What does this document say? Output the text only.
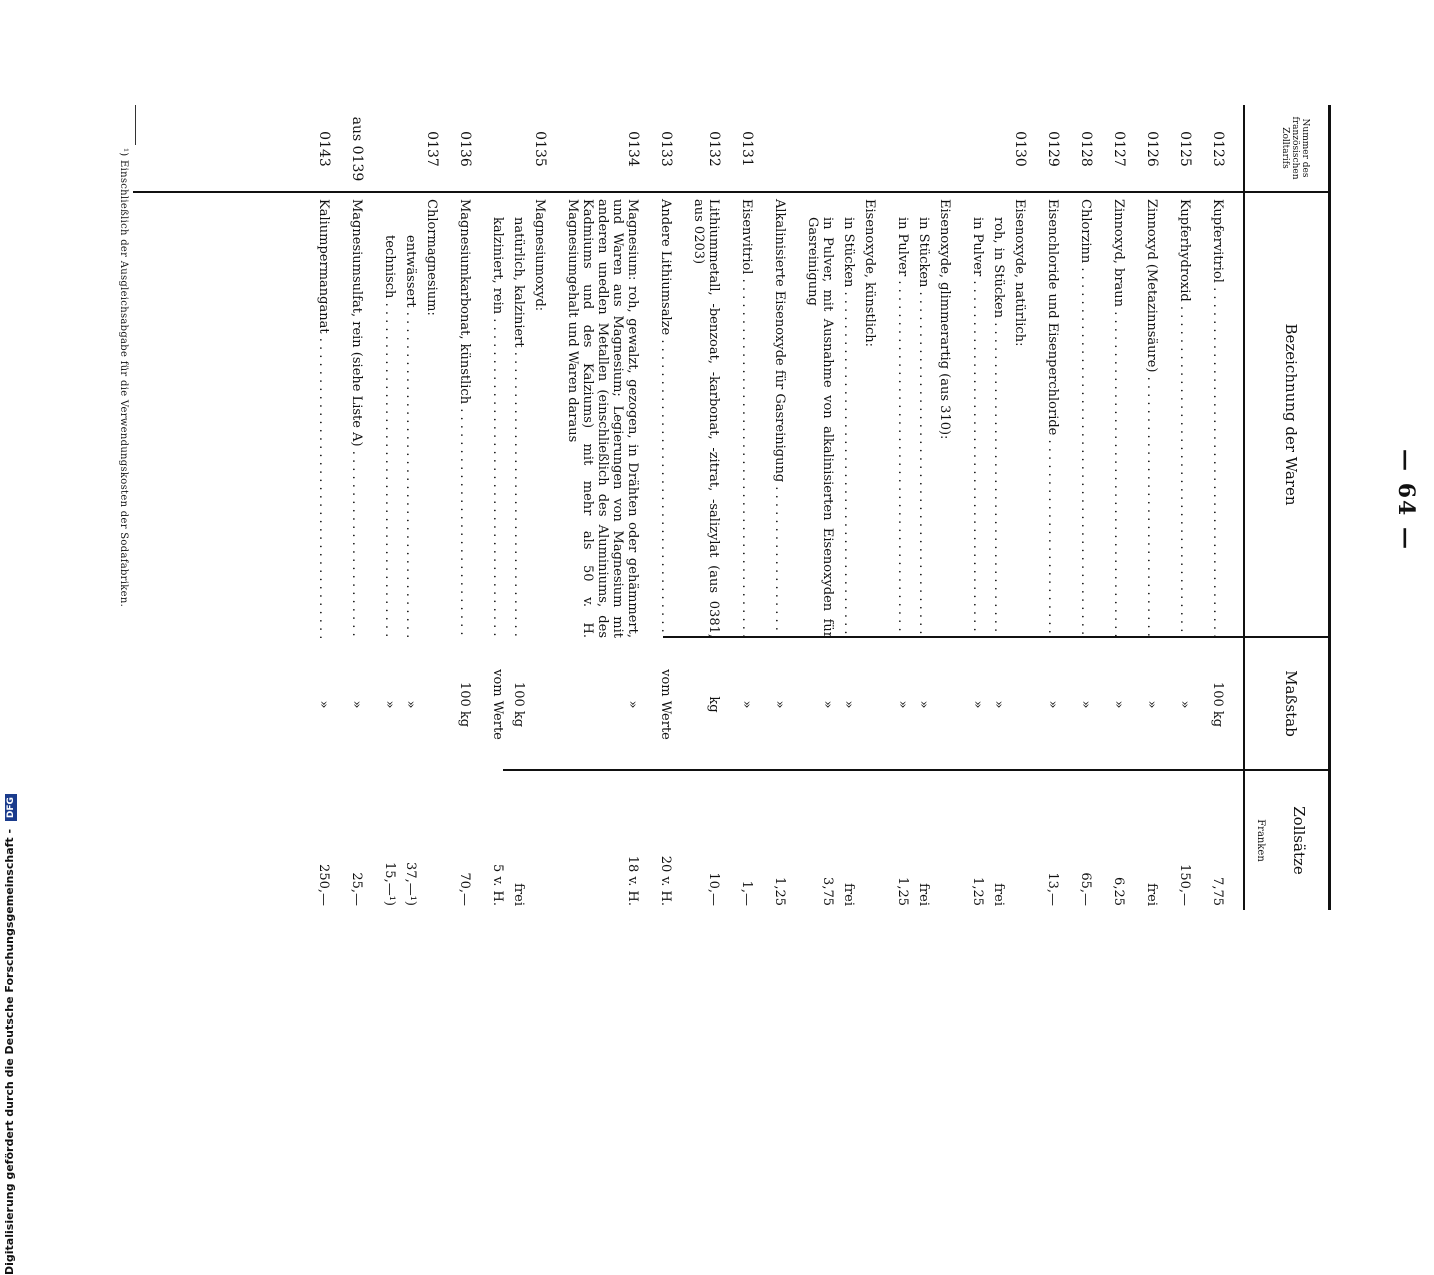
Digitalisierung gefördert durch die Deutsche Forschungsgemeinschaft - DFG
— 64 —
Nummer des französischen Zolltarifs
Bezeichnung der Waren
Maßstab
Zollsätze
Franken
0123
Kupfervitriol . . .
100 kg
7,75
0125
Kupferhydroxid . . .
»
150,—
0126
Zinnoxyd (Metazinnsäure) . . .
»
frei
0127
Zinnoxyd, braun . . .
»
6,25
0128
Chlorzinn . . .
»
65,—
0129
Eisenchloride und Eisenperchloride . . .
»
13,—
0130
Eisenoxyde, natürlich:
roh, in Stücken . . .
»
frei
in Pulver . . .
»
1,25
Eisenoxyde, glimmerartig (aus 310):
in Stücken . . .
»
frei
in Pulver . . .
»
1,25
Eisenoxyde, künstlich:
in Stücken . . .
»
frei
in Pulver, mit Ausnahme von alkalinisierten Eisenoxyden für Gasreinigung
»
3,75
Alkalinisierte Eisenoxyde für Gasreinigung . . .
»
1,25
0131
Eisenvitriol . . .
»
1,—
0132
Lithiummetall, -benzoat, -karbonat, -zitrat, -salizylat (aus 0381, aus 0203)
kg
10,—
0133
Andere Lithiumsalze . . .
vom Werte
20 v. H.
0134
Magnesium: roh, gewalzt, gezogen, in Drähten oder gehämmert, und Waren aus Magnesium; Legierungen von Magnesium mit anderen unedlen Metallen (einschließlich des Aluminiums, des Kadmiums und des Kalziums) mit mehr als 50 v. H. Magnesiumgehalt und Waren daraus
»
18 v. H.
0135
Magnesiumoxyd:
natürlich, kalziniert . . .
100 kg
frei
kalziniert, rein . . .
vom Werte
5 v. H.
0136
Magnesiumkarbonat, künstlich . . .
100 kg
70,—
0137
Chlormagnesium:
entwässert . . .
»
37,—¹)
technisch . . .
»
15,—¹)
aus 0139
Magnesiumsulfat, rein (siehe Liste A) . . .
»
25,—
0143
Kaliumpermanganat . . .
»
250,—
¹) Einschließlich der Ausgleichsabgabe für die Verwendungskosten der Sodafabriken.
